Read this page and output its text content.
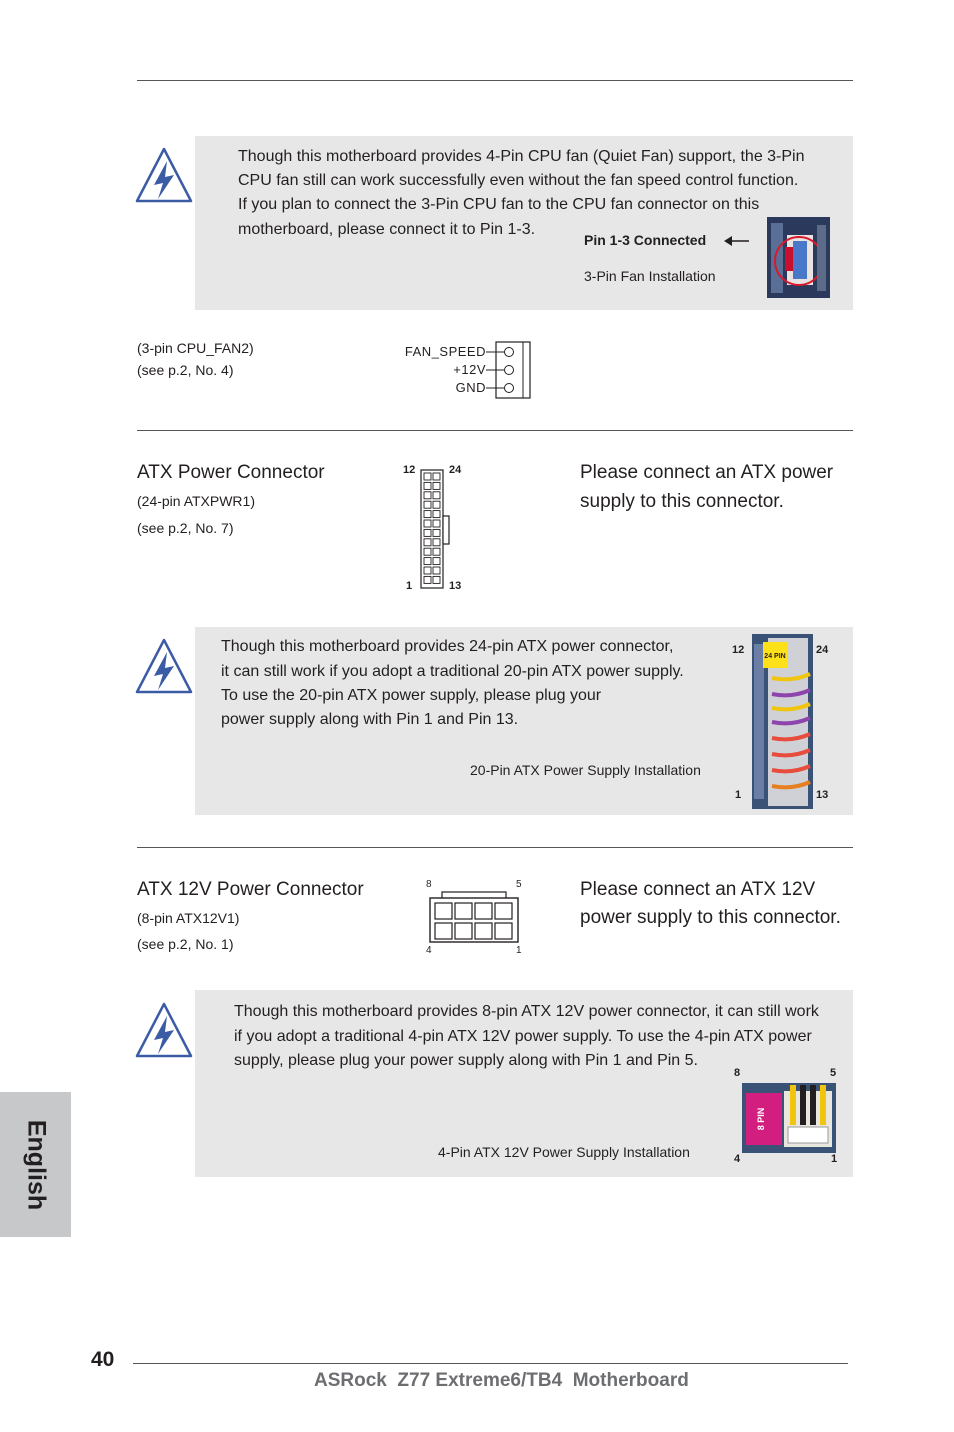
Though this motherboard provides 4-Pin CPU fan (Quiet Fan) support, the 3-Pin
CPU fan still can work successfully even without the fan speed control function.
If you plan to connect the 3-Pin CPU fan to the CPU fan connector on this
motherboard, please connect it to Pin 1-3.
Pin 1-3 Connected
3-Pin Fan Installation
(3-pin CPU_FAN2)
(see p.2, No. 4)
FAN_SPEED
+12V
GND
ATX Power Connector
(24-pin ATXPWR1)
(see p.2, No. 7)
Please connect an ATX power
supply to this connector.
12	24
1	13
Though this motherboard provides 24-pin ATX power connector,
it can still work if you adopt a traditional 20-pin ATX power supply.
To use the 20-pin ATX power supply, please plug your
power supply along with Pin 1 and Pin 13.
20-Pin ATX Power Supply Installation
12	24
1	13
24 PIN
ATX 12V Power Connector
(8-pin ATX12V1)
(see p.2, No. 1)
Please connect an ATX 12V
power supply to this connector.
8	5
4	1
Though this motherboard provides 8-pin ATX 12V power connector, it can still work
if you adopt a traditional 4-pin ATX 12V power supply. To use the 4-pin ATX power
supply, please plug your power supply along with Pin 1 and Pin 5.
4-Pin ATX 12V Power Supply Installation
8	5
4	1
8 PIN
English
40
ASRock  Z77 Extreme6/TB4  Motherboard
